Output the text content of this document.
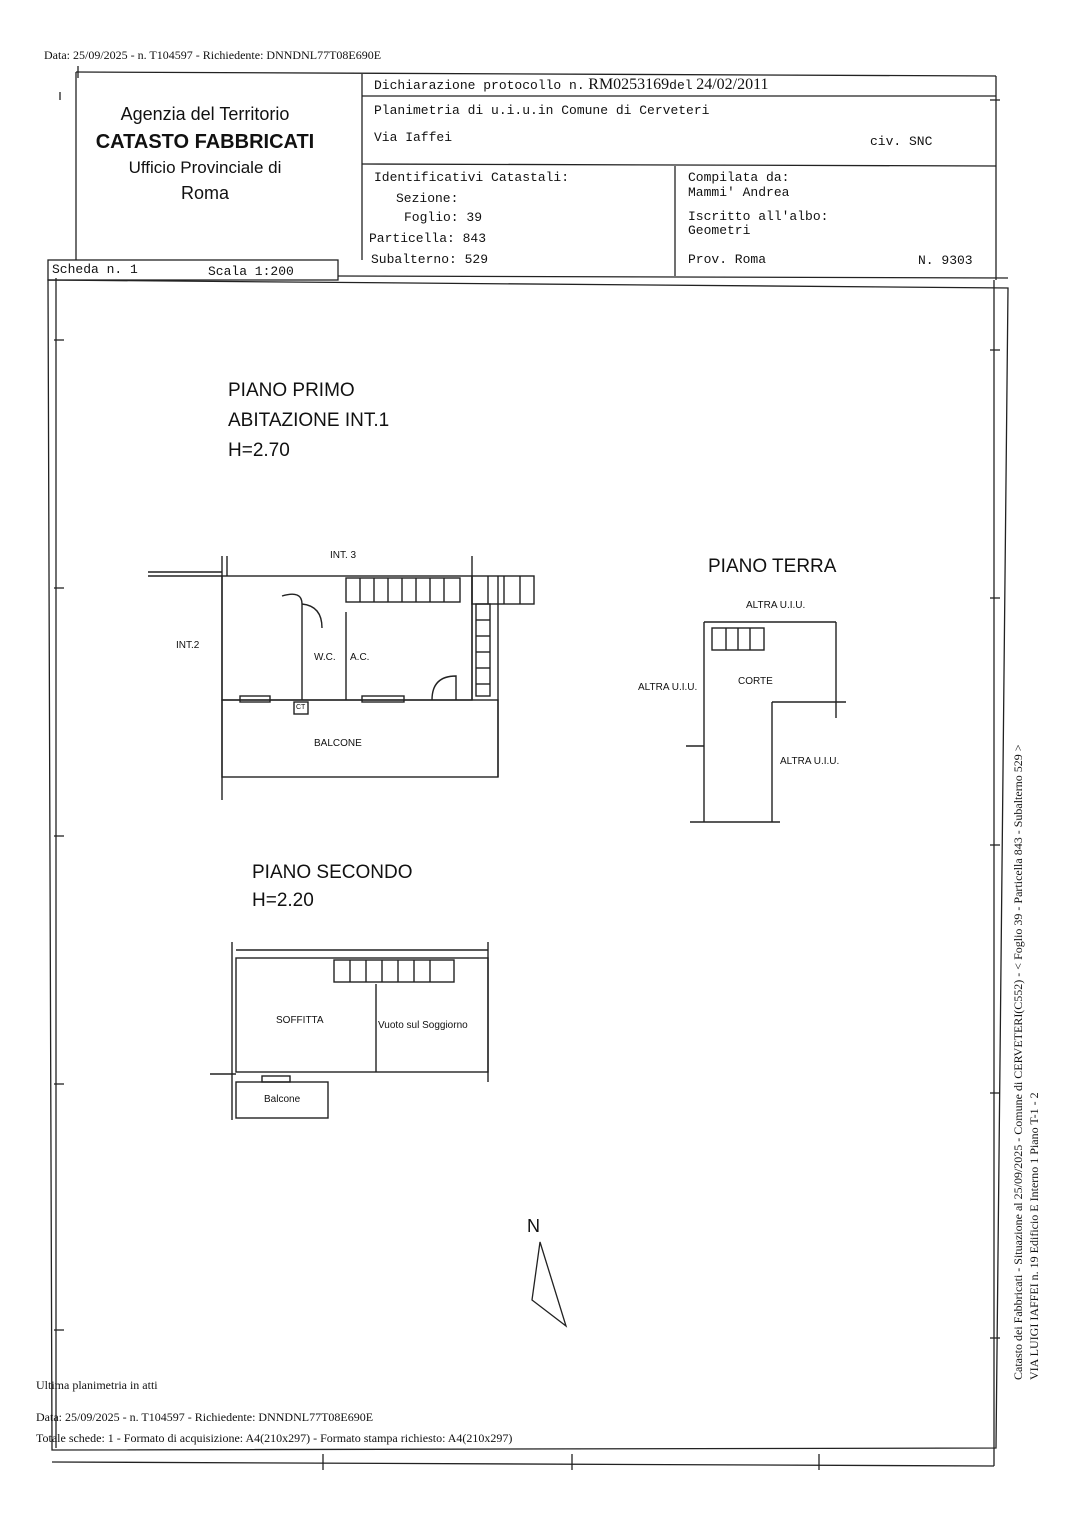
Data: 25/09/2025 - n. T104597 - Richiedente: DNNDNL77T08E690E
Agenzia del Territorio
CATASTO FABBRICATI
Ufficio Provinciale di
Roma
Dichiarazione protocollo n. RM0253169del 24/02/2011
Planimetria di u.i.u.in Comune di Cerveteri
Via Iaffei	civ. SNC
Identificativi Catastali:
Sezione:
Foglio: 39
Particella: 843
Subalterno: 529
Compilata da:
Mammi' Andrea
Iscritto all'albo:
Geometri
Prov. Roma	N. 9303
Scheda n. 1	Scala 1:200
PIANO PRIMO
ABITAZIONE INT.1
H=2.70
INT. 3
INT.2
W.C. A.C.
CT
BALCONE
PIANO TERRA
ALTRA U.I.U.
ALTRA U.I.U.
CORTE
ALTRA U.I.U.
PIANO SECONDO
H=2.20
SOFFITTA	Vuoto sul Soggiorno
Balcone
N	Catasto dei Fabbricati - Situazione al 25/09/2025 - Comune di CERVETERI(C552) - < Foglio 39 - Particella 843 - Subalterno 529 > VIA LUIGI IAFFEI n. 19 Edificio E Interno 1 Piano T-1 - 2
Ultima planimetria in atti
Data: 25/09/2025 - n. T104597 - Richiedente: DNNDNL77T08E690E
Totale schede: 1 - Formato di acquisizione: A4(210x297) - Formato stampa richiesto: A4(210x297)
